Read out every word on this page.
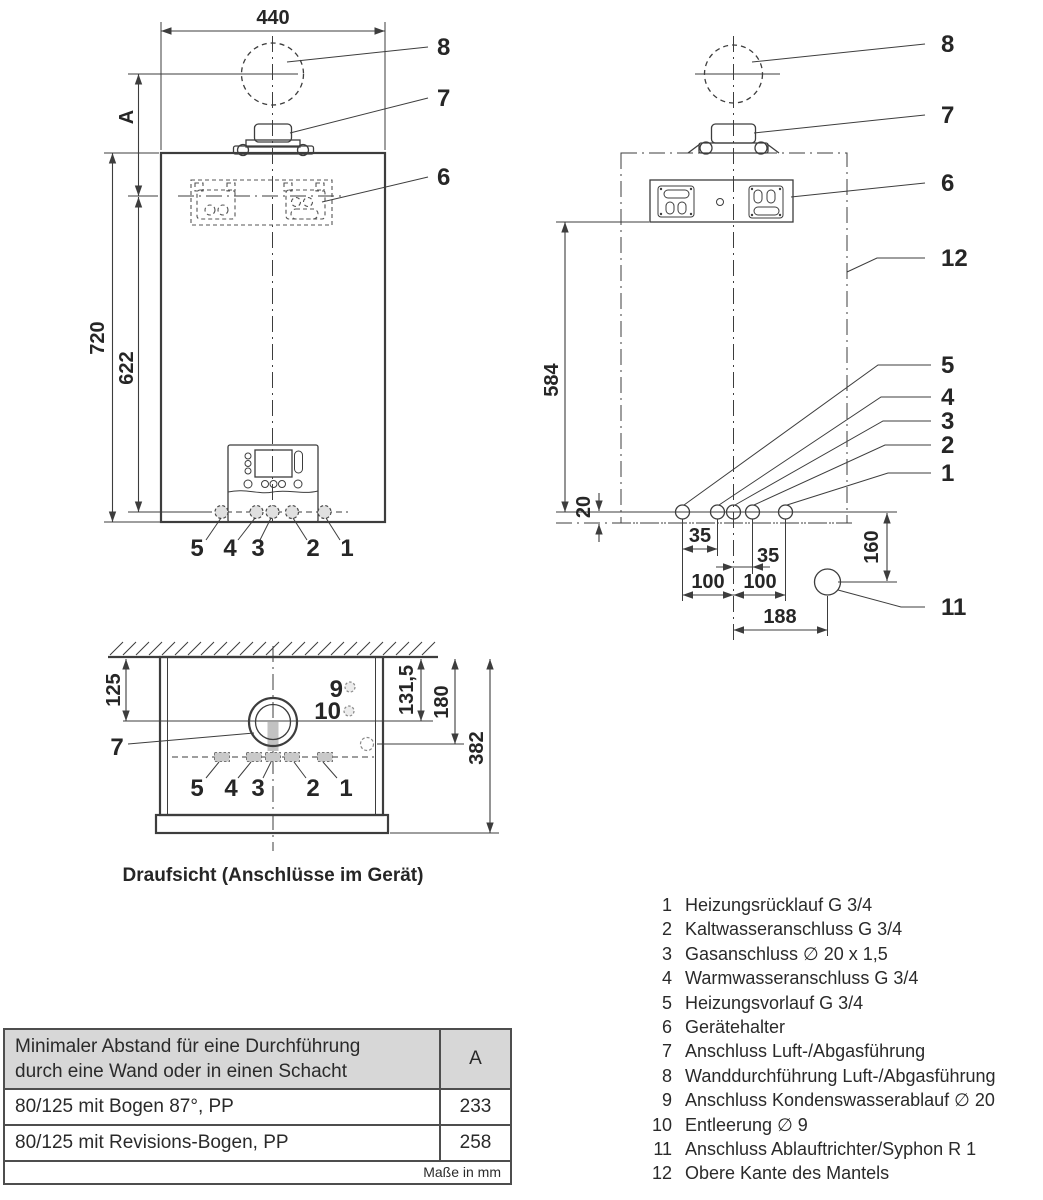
440
A
720
622
5 4 3 2 1
8
7
6
584
20
5
4
3
2
1
8
7
6
12
35
35
100 100
188
160
11
9
10
5 4 3 2 1
7
125	131,5 180
382
Draufsicht (Anschlüsse im Gerät)
Minimaler Abstand für eine Durchführung
durch eine Wand oder in einen Schacht
A
80/125 mit Bogen 87°, PP	233
80/125 mit Revisions-Bogen, PP	258
Maße in mm
1 Heizungsrücklauf G 3/4
2 Kaltwasseranschluss G 3/4
3 Gasanschluss ∅ 20 x 1,5
4 Warmwasseranschluss G 3/4
5 Heizungsvorlauf G 3/4
6 Gerätehalter
7 Anschluss Luft-/Abgasführung
8 Wanddurchführung Luft-/Abgasführung
9 Anschluss Kondenswasserablauf ∅ 20
10 Entleerung ∅ 9
11 Anschluss Ablauftrichter/Syphon R 1
12 Obere Kante des Mantels
